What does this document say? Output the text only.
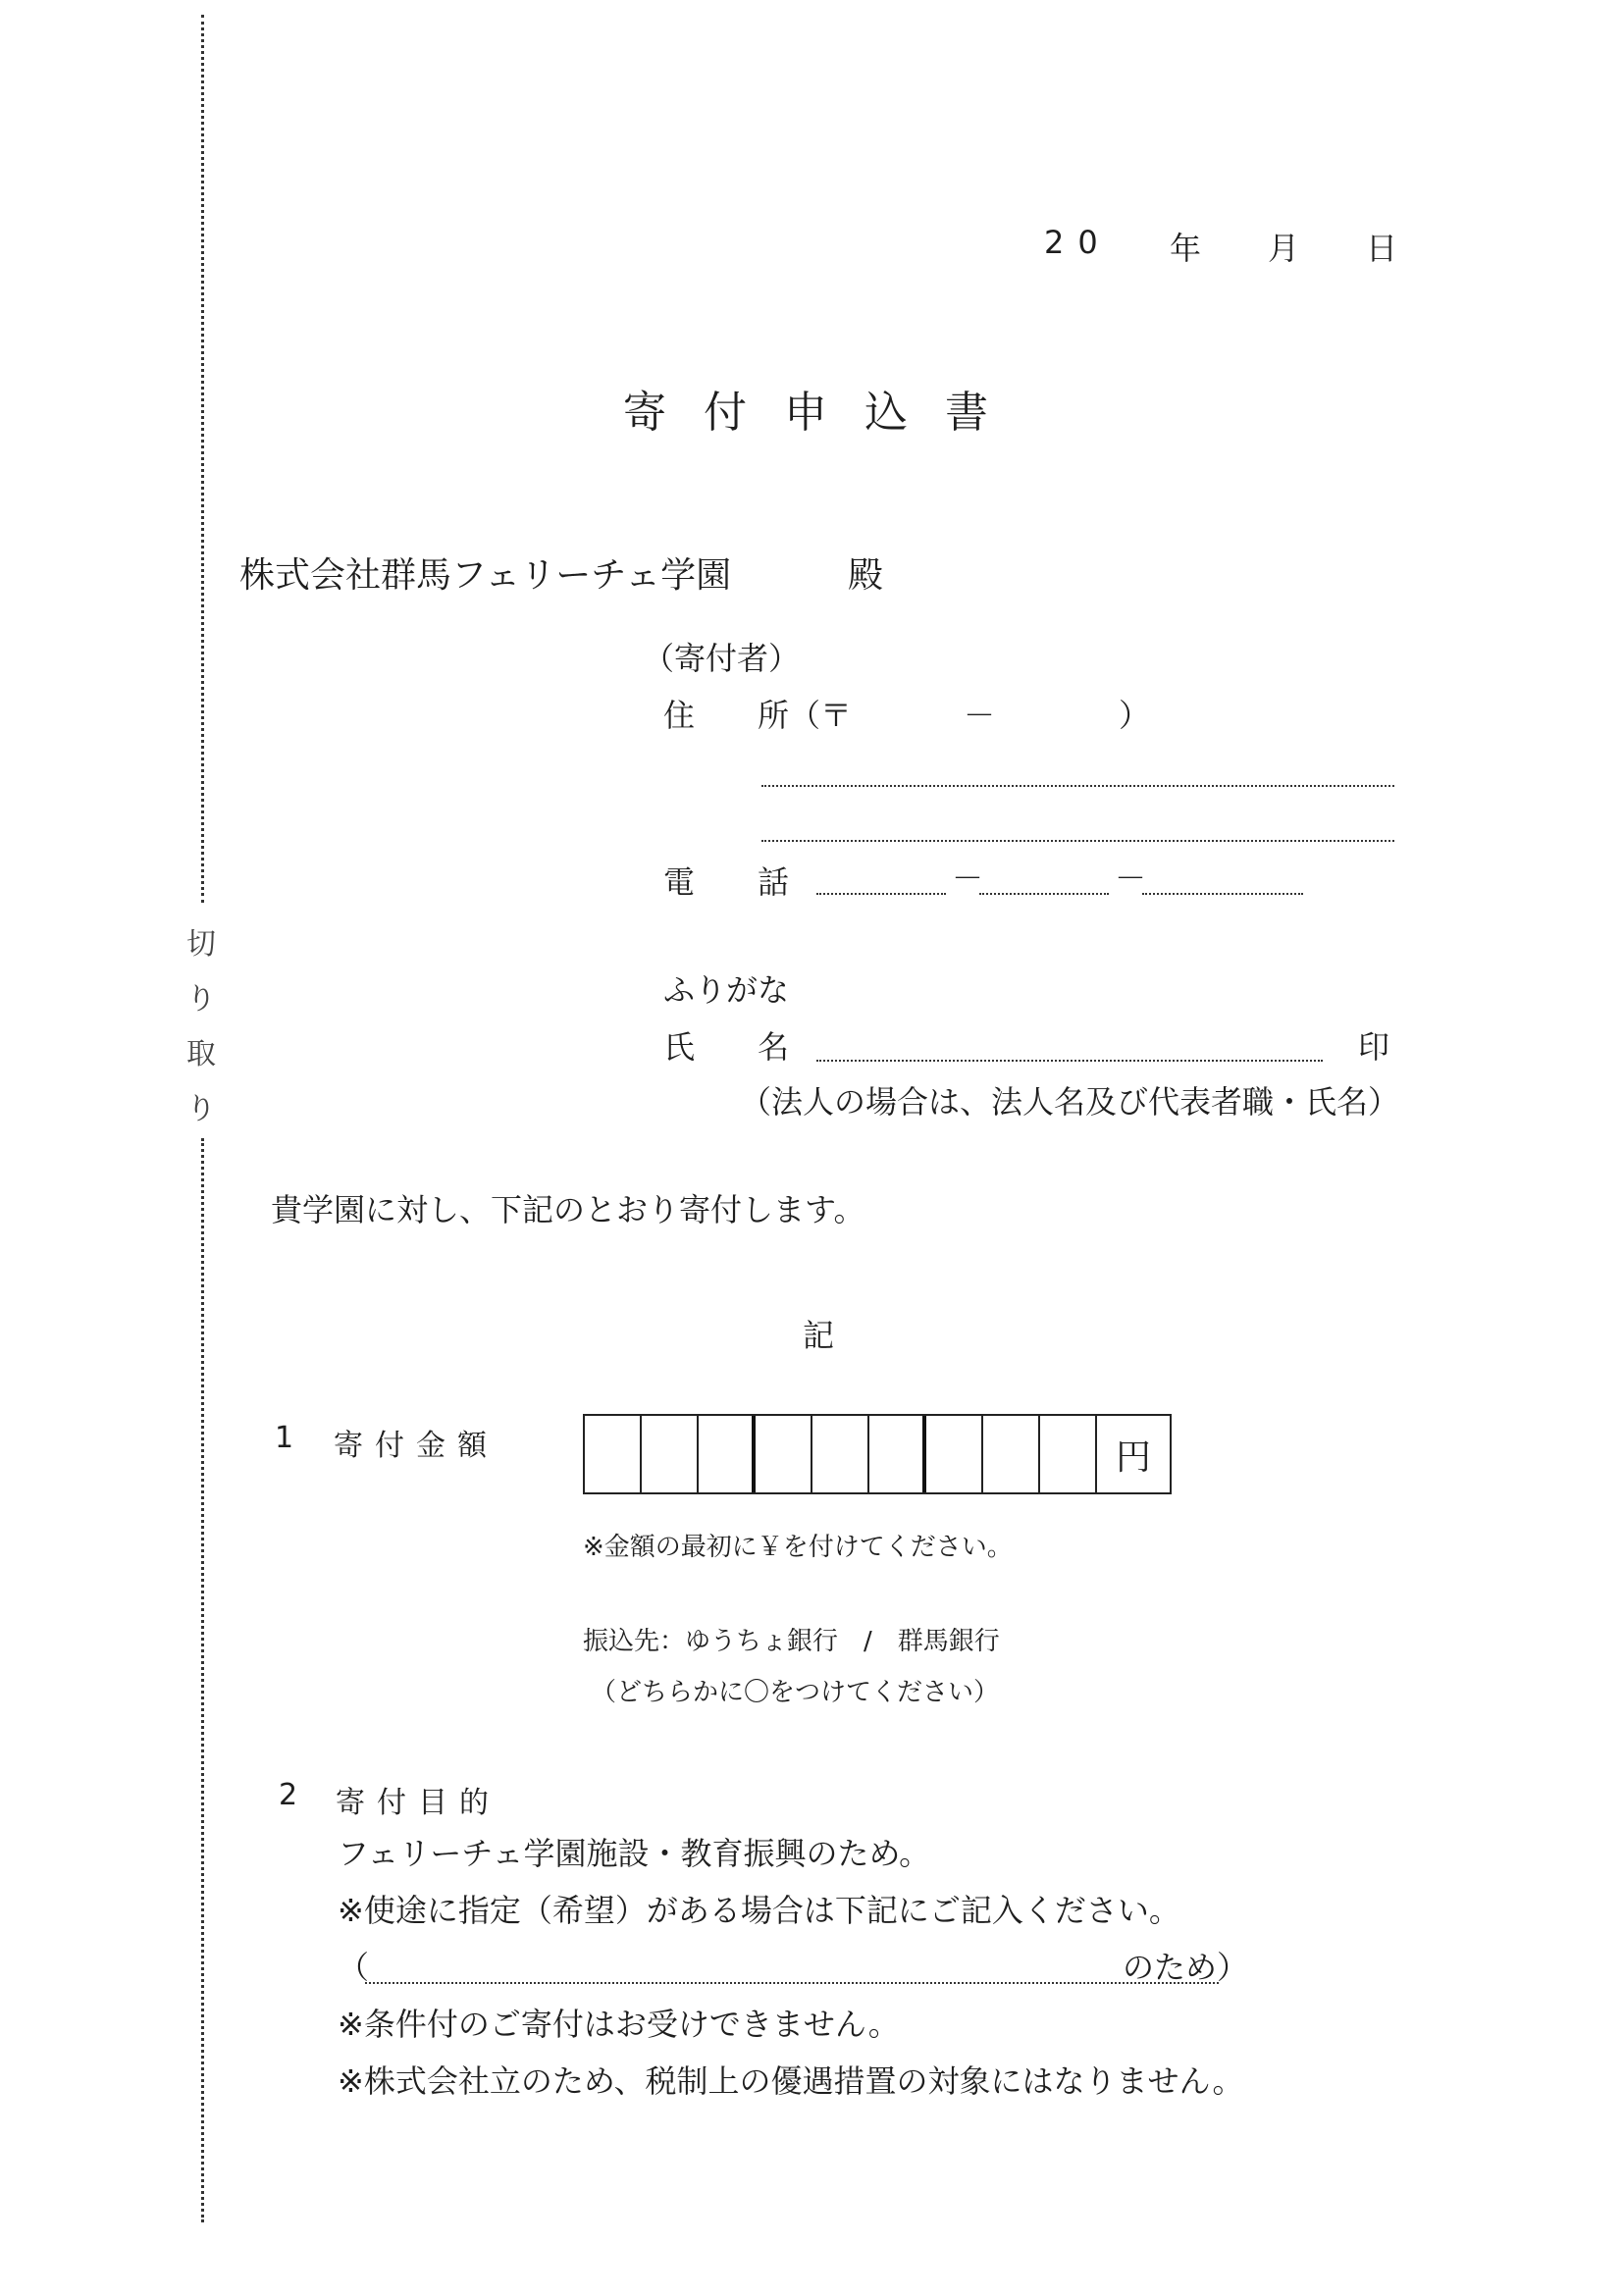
切
り
取
り
20 年 月 日
寄付申込書
株式会社群馬フェリーチェ学園	殿
（寄付者）
住　　所（〒	－	）
電　　話	－	－
ふりがな
氏　　名	印
（法人の場合は、法人名及び代表者職・氏名）
貴学園に対し、下記のとおり寄付します。
記
1 寄付金額	円
※金額の最初に￥を付けてください。
振込先：ゆうちょ銀行　/　群馬銀行
（どちらかに〇をつけてください）
2 寄付目的
フェリーチェ学園施設・教育振興のため。
※使途に指定（希望）がある場合は下記にご記入ください。
（	のため）
※条件付のご寄付はお受けできません。
※株式会社立のため、税制上の優遇措置の対象にはなりません。
